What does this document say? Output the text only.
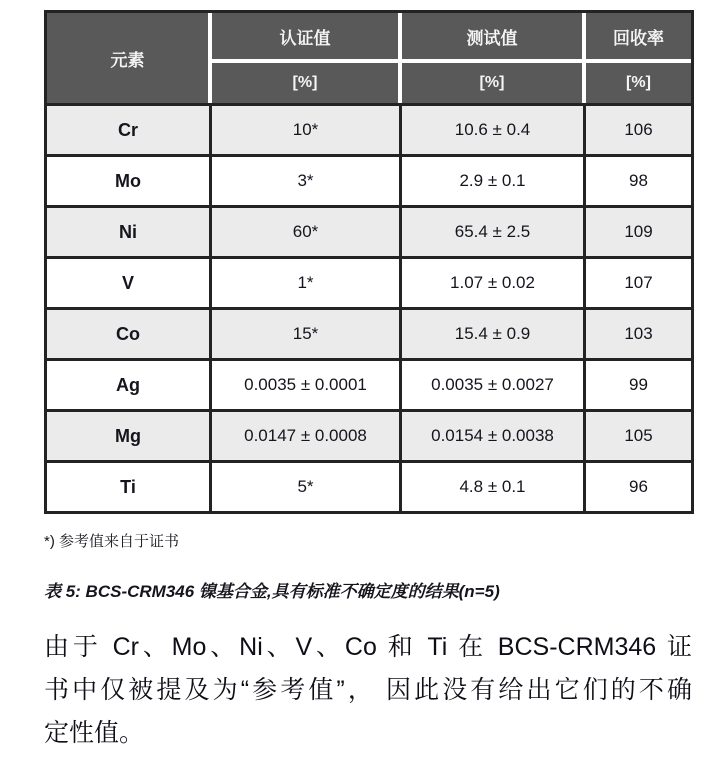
元素
认证值	测试值	回收率
[%]	[%]	[%]
Cr	10*	10.6 ± 0.4	106
Mo	3*	2.9 ± 0.1	98
Ni	60*	65.4 ± 2.5	109
V	1*	1.07 ± 0.02	107
Co	15*	15.4 ± 0.9	103
Ag	0.0035 ± 0.0001	0.0035 ± 0.0027	99
Mg	0.0147 ± 0.0008	0.0154 ± 0.0038	105
Ti	5*	4.8 ± 0.1	96
*) 参考值来自于证书
表 5: BCS-CRM346 镍基合金,具有标准不确定度的结果(n=5)
由于 Cr、Mo、Ni、V、Co 和 Ti 在 BCS-CRM346 证
书中仅被提及为“参考值”， 因此没有给出它们的不确
定性值。
